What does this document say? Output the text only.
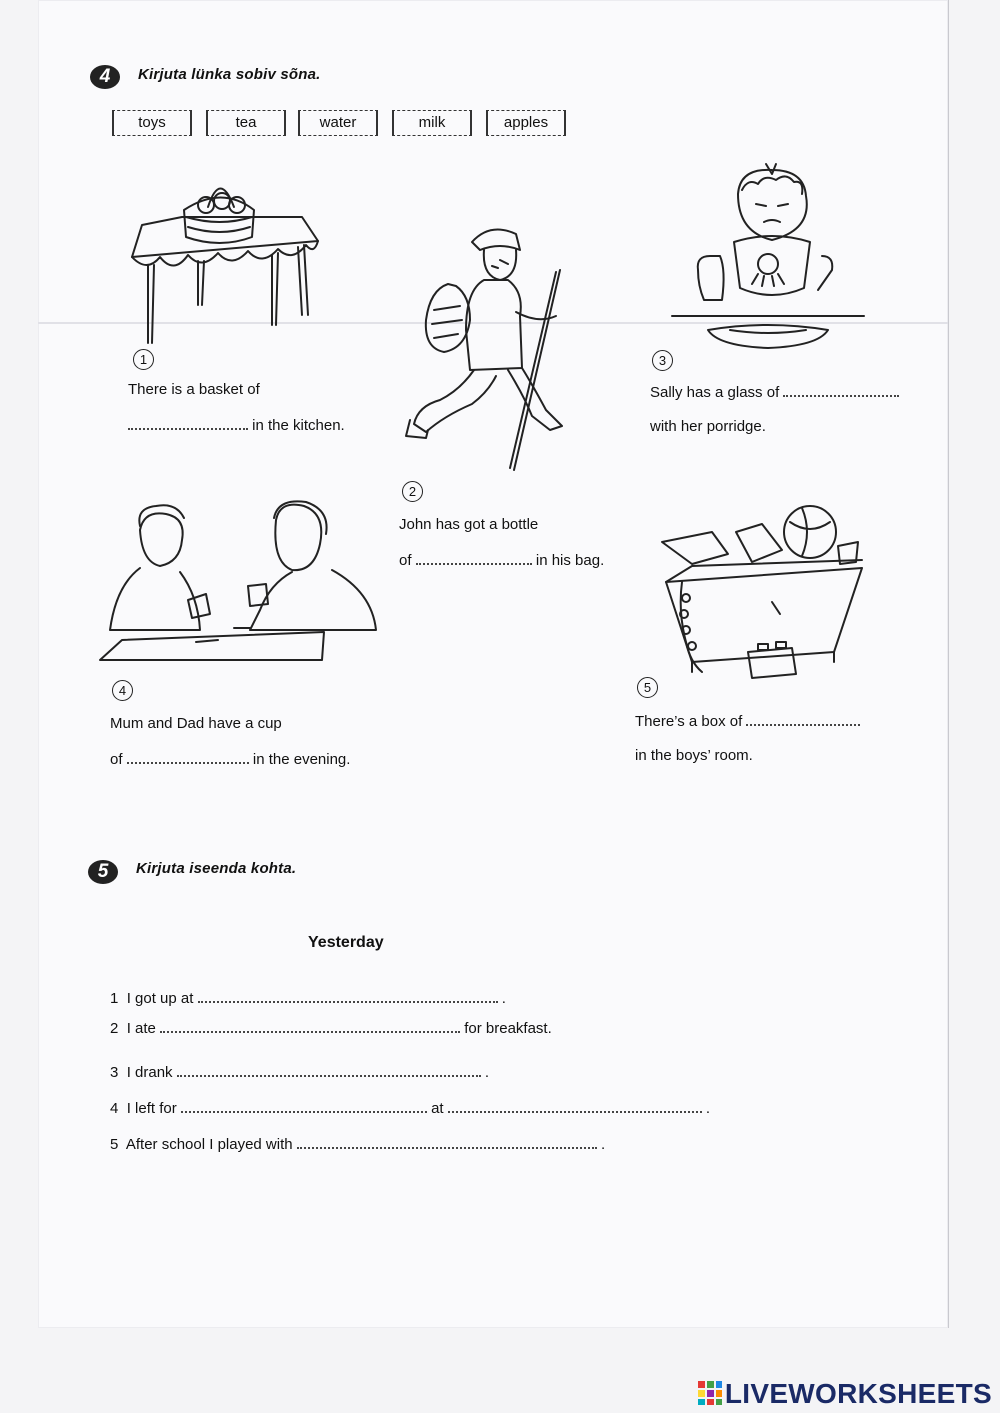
4	Kirjuta lünka sobiv sõna.
toys	tea	water	milk	apples
1
There is a basket of
in the kitchen.
2
John has got a bottle
of	in his bag.
3
Sally has a glass of
with her porridge.
4
Mum and Dad have a cup
of	in the evening.
5
There’s a box of
in the boys’ room.
5	Kirjuta iseenda kohta.
Yesterday
1 I got up at	.
2 I ate	for breakfast.
3 I drank	.
4 I left for	at	.
5 After school I played with	.
LIVEWORKSHEETS
